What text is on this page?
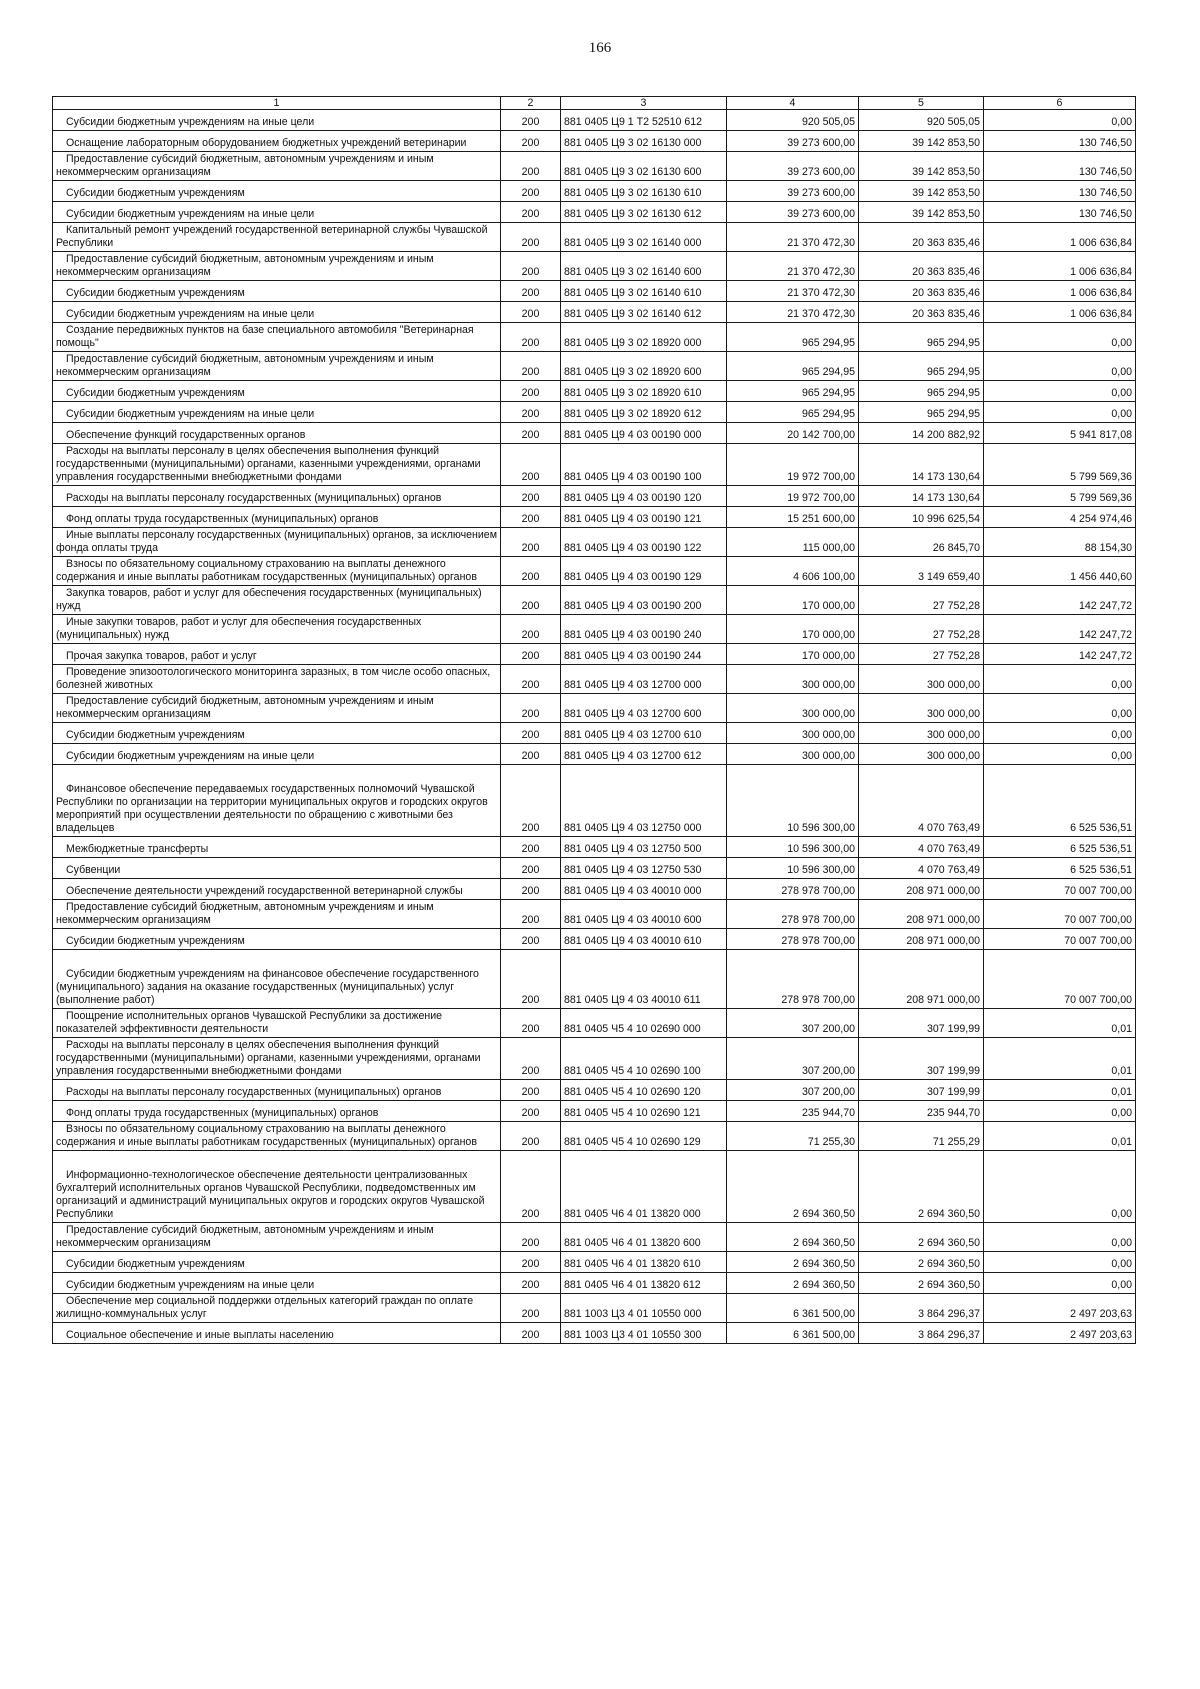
166
1	2	3	4	5	6

Субсидии бюджетным учреждениям на иные цели	200	881 0405 Ц9 1 Т2 52510 612	920 505,05	920 505,05	0,00

Оснащение лабораторным оборудованием бюджетных учреждений ветеринарии	200	881 0405 Ц9 3 02 16130 000	39 273 600,00	39 142 853,50	130 746,50

Предоставление субсидий бюджетным, автономным учреждениям и иным некоммерческим организациям	200	881 0405 Ц9 3 02 16130 600	39 273 600,00	39 142 853,50	130 746,50

Субсидии бюджетным учреждениям	200	881 0405 Ц9 3 02 16130 610	39 273 600,00	39 142 853,50	130 746,50

Субсидии бюджетным учреждениям на иные цели	200	881 0405 Ц9 3 02 16130 612	39 273 600,00	39 142 853,50	130 746,50

Капитальный ремонт учреждений государственной ветеринарной службы Чувашской Республики	200	881 0405 Ц9 3 02 16140 000	21 370 472,30	20 363 835,46	1 006 636,84

Предоставление субсидий бюджетным, автономным учреждениям и иным некоммерческим организациям	200	881 0405 Ц9 3 02 16140 600	21 370 472,30	20 363 835,46	1 006 636,84

Субсидии бюджетным учреждениям	200	881 0405 Ц9 3 02 16140 610	21 370 472,30	20 363 835,46	1 006 636,84

Субсидии бюджетным учреждениям на иные цели	200	881 0405 Ц9 3 02 16140 612	21 370 472,30	20 363 835,46	1 006 636,84

Создание передвижных пунктов на базе специального автомобиля "Ветеринарная помощь"	200	881 0405 Ц9 3 02 18920 000	965 294,95	965 294,95	0,00

Предоставление субсидий бюджетным, автономным учреждениям и иным некоммерческим организациям	200	881 0405 Ц9 3 02 18920 600	965 294,95	965 294,95	0,00

Субсидии бюджетным учреждениям	200	881 0405 Ц9 3 02 18920 610	965 294,95	965 294,95	0,00

Субсидии бюджетным учреждениям на иные цели	200	881 0405 Ц9 3 02 18920 612	965 294,95	965 294,95	0,00

Обеспечение функций государственных органов	200	881 0405 Ц9 4 03 00190 000	20 142 700,00	14 200 882,92	5 941 817,08

Расходы на выплаты персоналу в целях обеспечения выполнения функций государственными (муниципальными) органами, казенными учреждениями, органами управления государственными внебюджетными фондами	200	881 0405 Ц9 4 03 00190 100	19 972 700,00	14 173 130,64	5 799 569,36

Расходы на выплаты персоналу государственных (муниципальных) органов	200	881 0405 Ц9 4 03 00190 120	19 972 700,00	14 173 130,64	5 799 569,36

Фонд оплаты труда государственных (муниципальных) органов	200	881 0405 Ц9 4 03 00190 121	15 251 600,00	10 996 625,54	4 254 974,46

Иные выплаты персоналу государственных (муниципальных) органов, за исключением фонда оплаты труда	200	881 0405 Ц9 4 03 00190 122	115 000,00	26 845,70	88 154,30

Взносы по обязательному социальному страхованию на выплаты денежного содержания и иные выплаты работникам государственных (муниципальных) органов	200	881 0405 Ц9 4 03 00190 129	4 606 100,00	3 149 659,40	1 456 440,60

Закупка товаров, работ и услуг для обеспечения государственных (муниципальных) нужд	200	881 0405 Ц9 4 03 00190 200	170 000,00	27 752,28	142 247,72

Иные закупки товаров, работ и услуг для обеспечения государственных (муниципальных) нужд	200	881 0405 Ц9 4 03 00190 240	170 000,00	27 752,28	142 247,72

Прочая закупка товаров, работ и услуг	200	881 0405 Ц9 4 03 00190 244	170 000,00	27 752,28	142 247,72

Проведение эпизоотологического мониторинга заразных, в том числе особо опасных, болезней животных	200	881 0405 Ц9 4 03 12700 000	300 000,00	300 000,00	0,00

Предоставление субсидий бюджетным, автономным учреждениям и иным некоммерческим организациям	200	881 0405 Ц9 4 03 12700 600	300 000,00	300 000,00	0,00

Субсидии бюджетным учреждениям	200	881 0405 Ц9 4 03 12700 610	300 000,00	300 000,00	0,00

Субсидии бюджетным учреждениям на иные цели	200	881 0405 Ц9 4 03 12700 612	300 000,00	300 000,00	0,00

Финансовое обеспечение передаваемых государственных полномочий Чувашской Республики по организации на территории муниципальных округов и городских округов мероприятий при осуществлении деятельности по обращению с животными без владельцев	200	881 0405 Ц9 4 03 12750 000	10 596 300,00	4 070 763,49	6 525 536,51

Межбюджетные трансферты	200	881 0405 Ц9 4 03 12750 500	10 596 300,00	4 070 763,49	6 525 536,51

Субвенции	200	881 0405 Ц9 4 03 12750 530	10 596 300,00	4 070 763,49	6 525 536,51

Обеспечение деятельности учреждений государственной ветеринарной службы	200	881 0405 Ц9 4 03 40010 000	278 978 700,00	208 971 000,00	70 007 700,00

Предоставление субсидий бюджетным, автономным учреждениям и иным некоммерческим организациям	200	881 0405 Ц9 4 03 40010 600	278 978 700,00	208 971 000,00	70 007 700,00

Субсидии бюджетным учреждениям	200	881 0405 Ц9 4 03 40010 610	278 978 700,00	208 971 000,00	70 007 700,00

Субсидии бюджетным учреждениям на финансовое обеспечение государственного (муниципального) задания на оказание государственных (муниципальных) услуг (выполнение работ)	200	881 0405 Ц9 4 03 40010 611	278 978 700,00	208 971 000,00	70 007 700,00

Поощрение исполнительных органов Чувашской Республики за достижение показателей эффективности деятельности	200	881 0405 Ч5 4 10 02690 000	307 200,00	307 199,99	0,01

Расходы на выплаты персоналу в целях обеспечения выполнения функций государственными (муниципальными) органами, казенными учреждениями, органами управления государственными внебюджетными фондами	200	881 0405 Ч5 4 10 02690 100	307 200,00	307 199,99	0,01

Расходы на выплаты персоналу государственных (муниципальных) органов	200	881 0405 Ч5 4 10 02690 120	307 200,00	307 199,99	0,01

Фонд оплаты труда государственных (муниципальных) органов	200	881 0405 Ч5 4 10 02690 121	235 944,70	235 944,70	0,00

Взносы по обязательному социальному страхованию на выплаты денежного содержания и иные выплаты работникам государственных (муниципальных) органов	200	881 0405 Ч5 4 10 02690 129	71 255,30	71 255,29	0,01

Информационно-технологическое обеспечение деятельности централизованных бухгалтерий исполнительных органов Чувашской Республики, подведомственных им организаций и администраций муниципальных округов и городских округов Чувашской Республики	200	881 0405 Ч6 4 01 13820 000	2 694 360,50	2 694 360,50	0,00

Предоставление субсидий бюджетным, автономным учреждениям и иным некоммерческим организациям	200	881 0405 Ч6 4 01 13820 600	2 694 360,50	2 694 360,50	0,00

Субсидии бюджетным учреждениям	200	881 0405 Ч6 4 01 13820 610	2 694 360,50	2 694 360,50	0,00

Субсидии бюджетным учреждениям на иные цели	200	881 0405 Ч6 4 01 13820 612	2 694 360,50	2 694 360,50	0,00

Обеспечение мер социальной поддержки отдельных категорий граждан по оплате жилищно-коммунальных услуг	200	881 1003 Ц3 4 01 10550 000	6 361 500,00	3 864 296,37	2 497 203,63

Социальное обеспечение и иные выплаты населению	200	881 1003 Ц3 4 01 10550 300	6 361 500,00	3 864 296,37	2 497 203,63
